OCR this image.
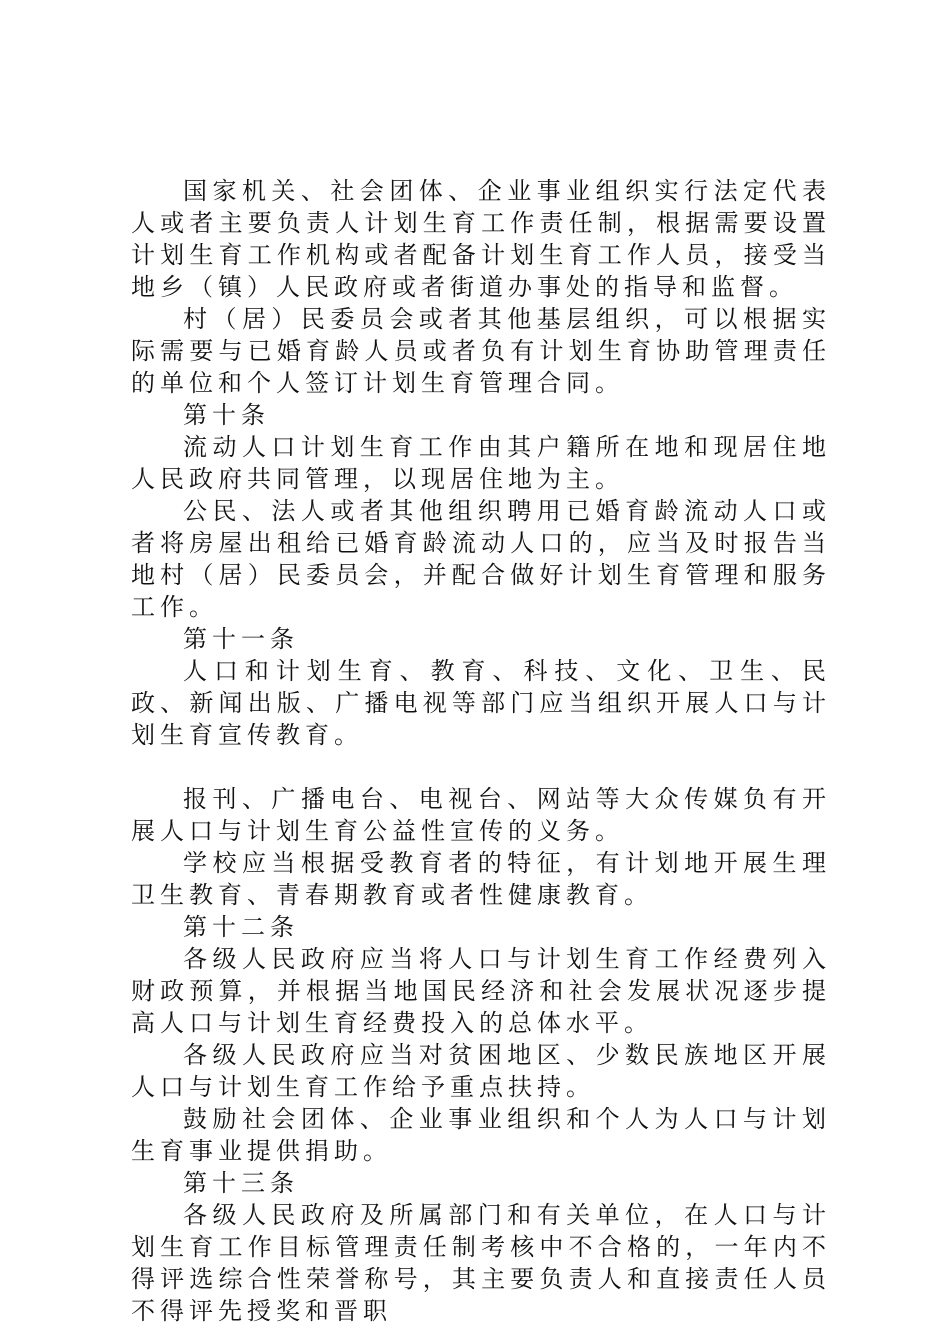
国家机关、社会团体、企业事业组织实行法定代表人或者主要负责人计划生育工作责任制，根据需要设置计划生育工作机构或者配备计划生育工作人员，接受当地乡（镇）人民政府或者街道办事处的指导和监督。

村（居）民委员会或者其他基层组织，可以根据实际需要与已婚育龄人员或者负有计划生育协助管理责任的单位和个人签订计划生育管理合同。

第十条

流动人口计划生育工作由其户籍所在地和现居住地人民政府共同管理，以现居住地为主。

公民、法人或者其他组织聘用已婚育龄流动人口或者将房屋出租给已婚育龄流动人口的，应当及时报告当地村（居）民委员会，并配合做好计划生育管理和服务工作。

第十一条

人口和计划生育、教育、科技、文化、卫生、民政、新闻出版、广播电视等部门应当组织开展人口与计划生育宣传教育。

报刊、广播电台、电视台、网站等大众传媒负有开展人口与计划生育公益性宣传的义务。

学校应当根据受教育者的特征，有计划地开展生理卫生教育、青春期教育或者性健康教育。

第十二条

各级人民政府应当将人口与计划生育工作经费列入财政预算，并根据当地国民经济和社会发展状况逐步提高人口与计划生育经费投入的总体水平。

各级人民政府应当对贫困地区、少数民族地区开展人口与计划生育工作给予重点扶持。

鼓励社会团体、企业事业组织和个人为人口与计划生育事业提供捐助。

第十三条

各级人民政府及所属部门和有关单位，在人口与计划生育工作目标管理责任制考核中不合格的，一年内不得评选综合性荣誉称号，其主要负责人和直接责任人员不得评先授奖和晋职
